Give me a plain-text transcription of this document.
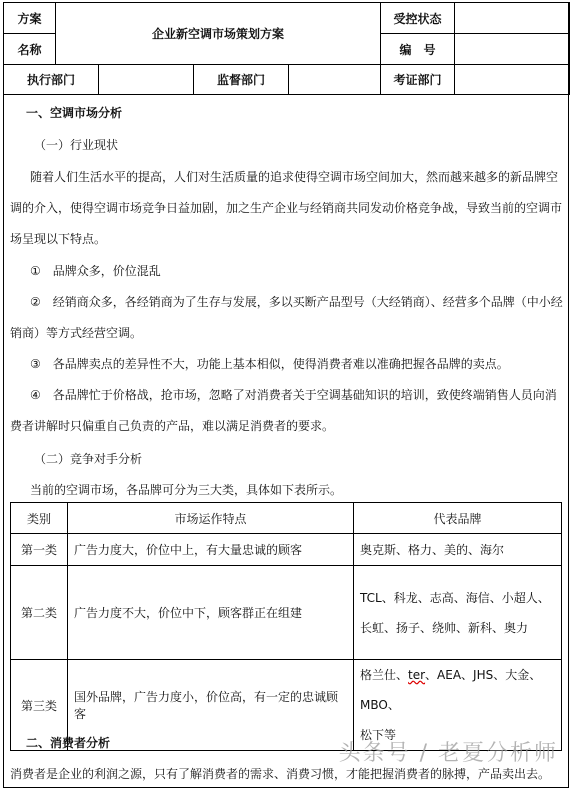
方案	企业新空调市场策划方案	受控状态	
名称		编　号	
执行部门		监督部门		考证部门	
一、空调市场分析
（一）行业现状
随着人们生活水平的提高，人们对生活质量的追求使得空调市场空间加大，然而越来越多的新品牌空
调的介入，使得空调市场竞争日益加剧，加之生产企业与经销商共同发动价格竞争战，导致当前的空调市
场呈现以下特点。
①　品牌众多，价位混乱
②　经销商众多，各经销商为了生存与发展，多以买断产品型号（大经销商）、经营多个品牌（中小经
销商）等方式经营空调。
③　各品牌卖点的差异性不大，功能上基本相似，使得消费者难以准确把握各品牌的卖点。
④　各品牌忙于价格战，抢市场，忽略了对消费者关于空调基础知识的培训，致使终端销售人员向消
费者讲解时只偏重自己负责的产品，难以满足消费者的要求。
（二）竞争对手分析
当前的空调市场，各品牌可分为三大类，具体如下表所示。
类别	市场运作特点	代表品牌
第一类	广告力度大，价位中上，有大量忠诚的顾客	奥克斯、格力、美的、海尔
第二类	广告力度不大，价位中下，顾客群正在组建	TCL、科龙、志高、海信、小超人、
长虹、扬子、绕帅、新科、奥力

第三类	国外品牌，广告力度小，价位高，有一定的忠诚顾客	格兰仕、ter、AEA、JHS、大金、MBO、
松下等
二、消费者分析
消费者是企业的利润之源，只有了解消费者的需求、消费习惯，才能把握消费者的脉搏，产品卖出去。
头条号 / 老夏分析师
